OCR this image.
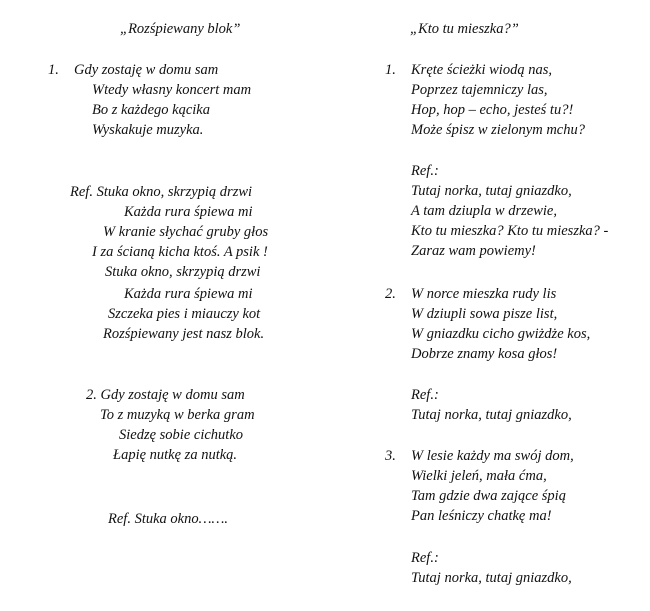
„Rozśpiewany blok”
1. Gdy zostaję w domu sam
Wtedy własny koncert mam
Bo z każdego kącika
Wyskakuje muzyka.
Ref. Stuka okno, skrzypią drzwi
Każda rura śpiewa mi
W kranie słychać gruby głos
I za ścianą kicha ktoś. A psik !
Stuka okno, skrzypią drzwi
Każda rura śpiewa mi
Szczeka pies i miauczy kot
Rozśpiewany jest nasz blok.
2. Gdy zostaję w domu sam
To z muzyką w berka gram
Siedzę sobie cichutko
Łapię nutkę za nutką.
Ref. Stuka okno…….
„Kto tu mieszka?”
1. Kręte ścieżki wiodą nas,
Poprzez tajemniczy las,
Hop, hop – echo, jesteś tu?!
Może śpisz w zielonym mchu?
Ref.:
Tutaj norka, tutaj gniazdko,
A tam dziupla w drzewie,
Kto tu mieszka? Kto tu mieszka? -
Zaraz wam powiemy!
2. W norce mieszka rudy lis
W dziupli sowa pisze list,
W gniazdku cicho gwiżdże kos,
Dobrze znamy kosa głos!
Ref.:
Tutaj norka, tutaj gniazdko,
3. W lesie każdy ma swój dom,
Wielki jeleń, mała ćma,
Tam gdzie dwa zające śpią
Pan leśniczy chatkę ma!
Ref.:
Tutaj norka, tutaj gniazdko,
